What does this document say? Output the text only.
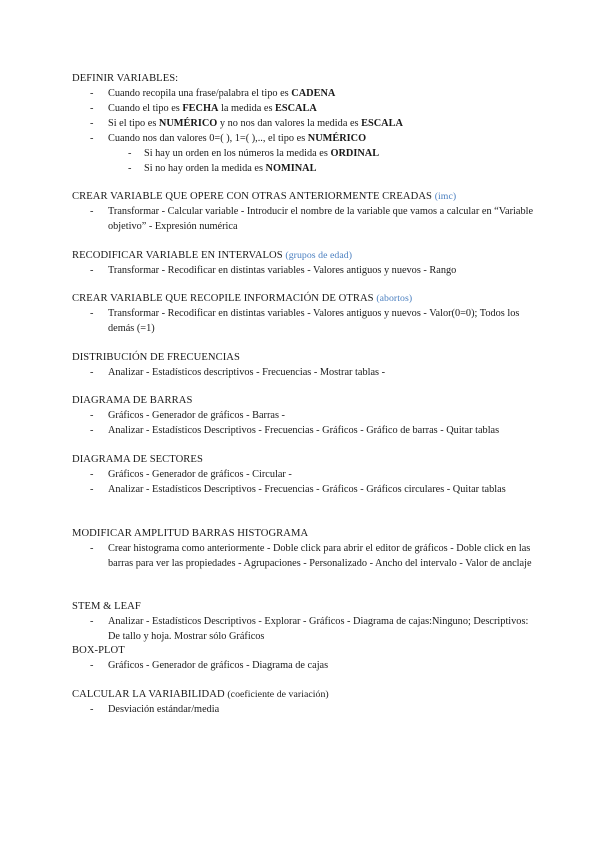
DEFINIR VARIABLES:
- Cuando recopila una frase/palabra el tipo es CADENA
- Cuando el tipo es FECHA la medida es ESCALA
- Si el tipo es NUMÉRICO y no nos dan valores la medida es ESCALA
- Cuando nos dan valores 0=( ), 1=( ),.., el tipo es NUMÉRICO
- Si hay un orden en los números la medida es ORDINAL
- Si no hay orden la medida es NOMINAL
CREAR VARIABLE QUE OPERE CON OTRAS ANTERIORMENTE CREADAS (imc)
- Transformar - Calcular variable - Introducir el nombre de la variable que vamos a calcular en “Variable objetivo” - Expresión numérica
RECODIFICAR VARIABLE EN INTERVALOS (grupos de edad)
- Transformar - Recodificar en distintas variables - Valores antiguos y nuevos - Rango
CREAR VARIABLE QUE RECOPILE INFORMACIÓN DE OTRAS (abortos)
- Transformar - Recodificar en distintas variables - Valores antiguos y nuevos - Valor(0=0); Todos los demás (=1)
DISTRIBUCIÓN DE FRECUENCIAS
- Analizar - Estadísticos descriptivos - Frecuencias - Mostrar tablas -
DIAGRAMA DE BARRAS
- Gráficos - Generador de gráficos - Barras -
- Analizar - Estadísticos Descriptivos - Frecuencias - Gráficos - Gráfico de barras - Quitar tablas
DIAGRAMA DE SECTORES
- Gráficos - Generador de gráficos - Circular -
- Analizar - Estadísticos Descriptivos - Frecuencias - Gráficos - Gráficos circulares - Quitar tablas
MODIFICAR AMPLITUD BARRAS HISTOGRAMA
- Crear histograma como anteriormente - Doble click para abrir el editor de gráficos - Doble click en las barras para ver las propiedades - Agrupaciones - Personalizado - Ancho del intervalo - Valor de anclaje
STEM & LEAF
- Analizar - Estadísticos Descriptivos - Explorar - Gráficos - Diagrama de cajas:Ninguno; Descriptivos: De tallo y hoja. Mostrar sólo Gráficos
BOX-PLOT
- Gráficos - Generador de gráficos - Diagrama de cajas
CALCULAR LA VARIABILIDAD (coeficiente de variación)
- Desviación estándar/media
